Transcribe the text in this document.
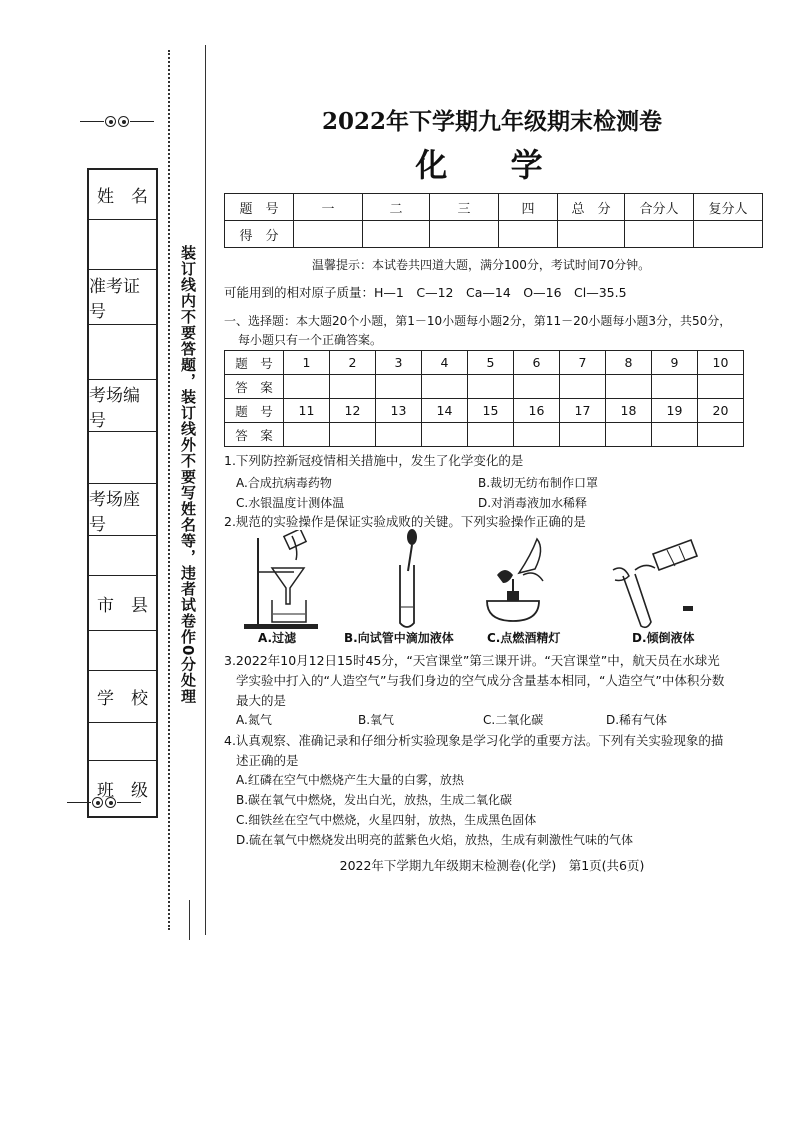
姓　名
准考证号
考场编号
考场座号
市　县
学　校
班　级
装订线内不要答题，装订线外不要写姓名等，违者试卷作0分处理
2022年下学期九年级期末检测卷
化 学
题　号	一	二	三	四	总　分	合分人	复分人
得　分							
温馨提示：本试卷共四道大题，满分100分，考试时间70分钟。
可能用到的相对原子质量：H—1　C—12　Ca—14　O—16　Cl—35.5
一、选择题：本大题20个小题，第1－10小题每小题2分，第11－20小题每小题3分，共50分，
每小题只有一个正确答案。
题　号	1	2	3	4	5	6	7	8	9	10
答　案										
题　号	11	12	13	14	15	16	17	18	19	20
答　案										
1.下列防控新冠疫情相关措施中，发生了化学变化的是
A.合成抗病毒药物	B.裁切无纺布制作口罩
C.水银温度计测体温	D.对消毒液加水稀释
2.规范的实验操作是保证实验成败的关键。下列实验操作正确的是
A.过滤	B.向试管中滴加液体	C.点燃酒精灯	D.倾倒液体
3.2022年10月12日15时45分，“天宫课堂”第三课开讲。“天宫课堂”中，航天员在水球光
学实验中打入的“人造空气”与我们身边的空气成分含量基本相同，“人造空气”中体积分数
最大的是
A.氮气	B.氧气	C.二氧化碳	D.稀有气体
4.认真观察、准确记录和仔细分析实验现象是学习化学的重要方法。下列有关实验现象的描
述正确的是
A.红磷在空气中燃烧产生大量的白雾，放热
B.碳在氧气中燃烧，发出白光，放热，生成二氧化碳
C.细铁丝在空气中燃烧，火星四射，放热，生成黑色固体
D.硫在氧气中燃烧发出明亮的蓝紫色火焰，放热，生成有刺激性气味的气体
2022年下学期九年级期末检测卷(化学)　第1页(共6页)
